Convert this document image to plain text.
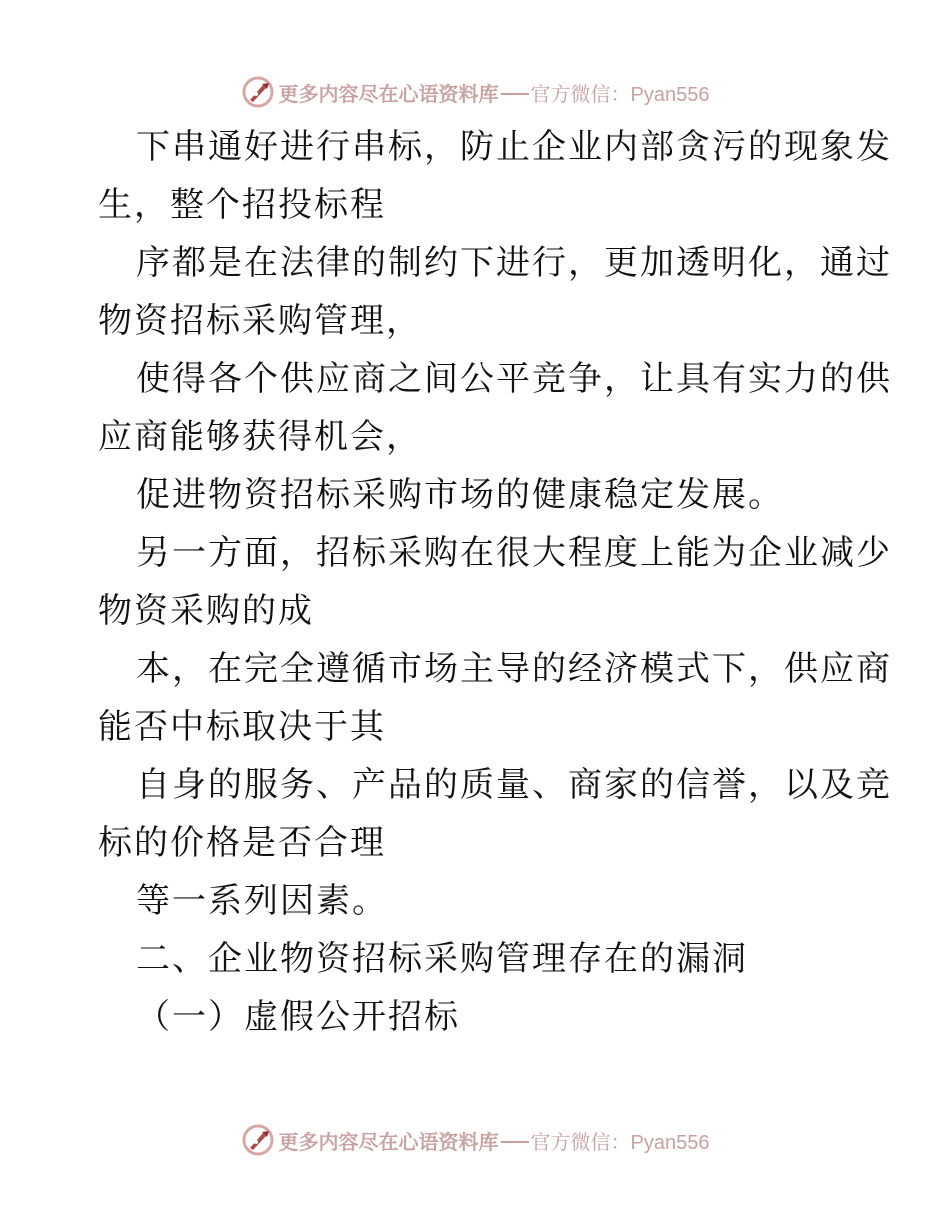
更多内容尽在心语资料库 官方微信： Pyan556
下串通好进行串标，防止企业内部贪污的现象发
生，整个招投标程
序都是在法律的制约下进行，更加透明化，通过
物资招标采购管理，
使得各个供应商之间公平竞争，让具有实力的供
应商能够获得机会，
促进物资招标采购市场的健康稳定发展。
另一方面，招标采购在很大程度上能为企业减少
物资采购的成
本，在完全遵循市场主导的经济模式下，供应商
能否中标取决于其
自身的服务、产品的质量、商家的信誉，以及竞
标的价格是否合理
等一系列因素。
二、企业物资招标采购管理存在的漏洞
（一）虚假公开招标
更多内容尽在心语资料库 官方微信： Pyan556
